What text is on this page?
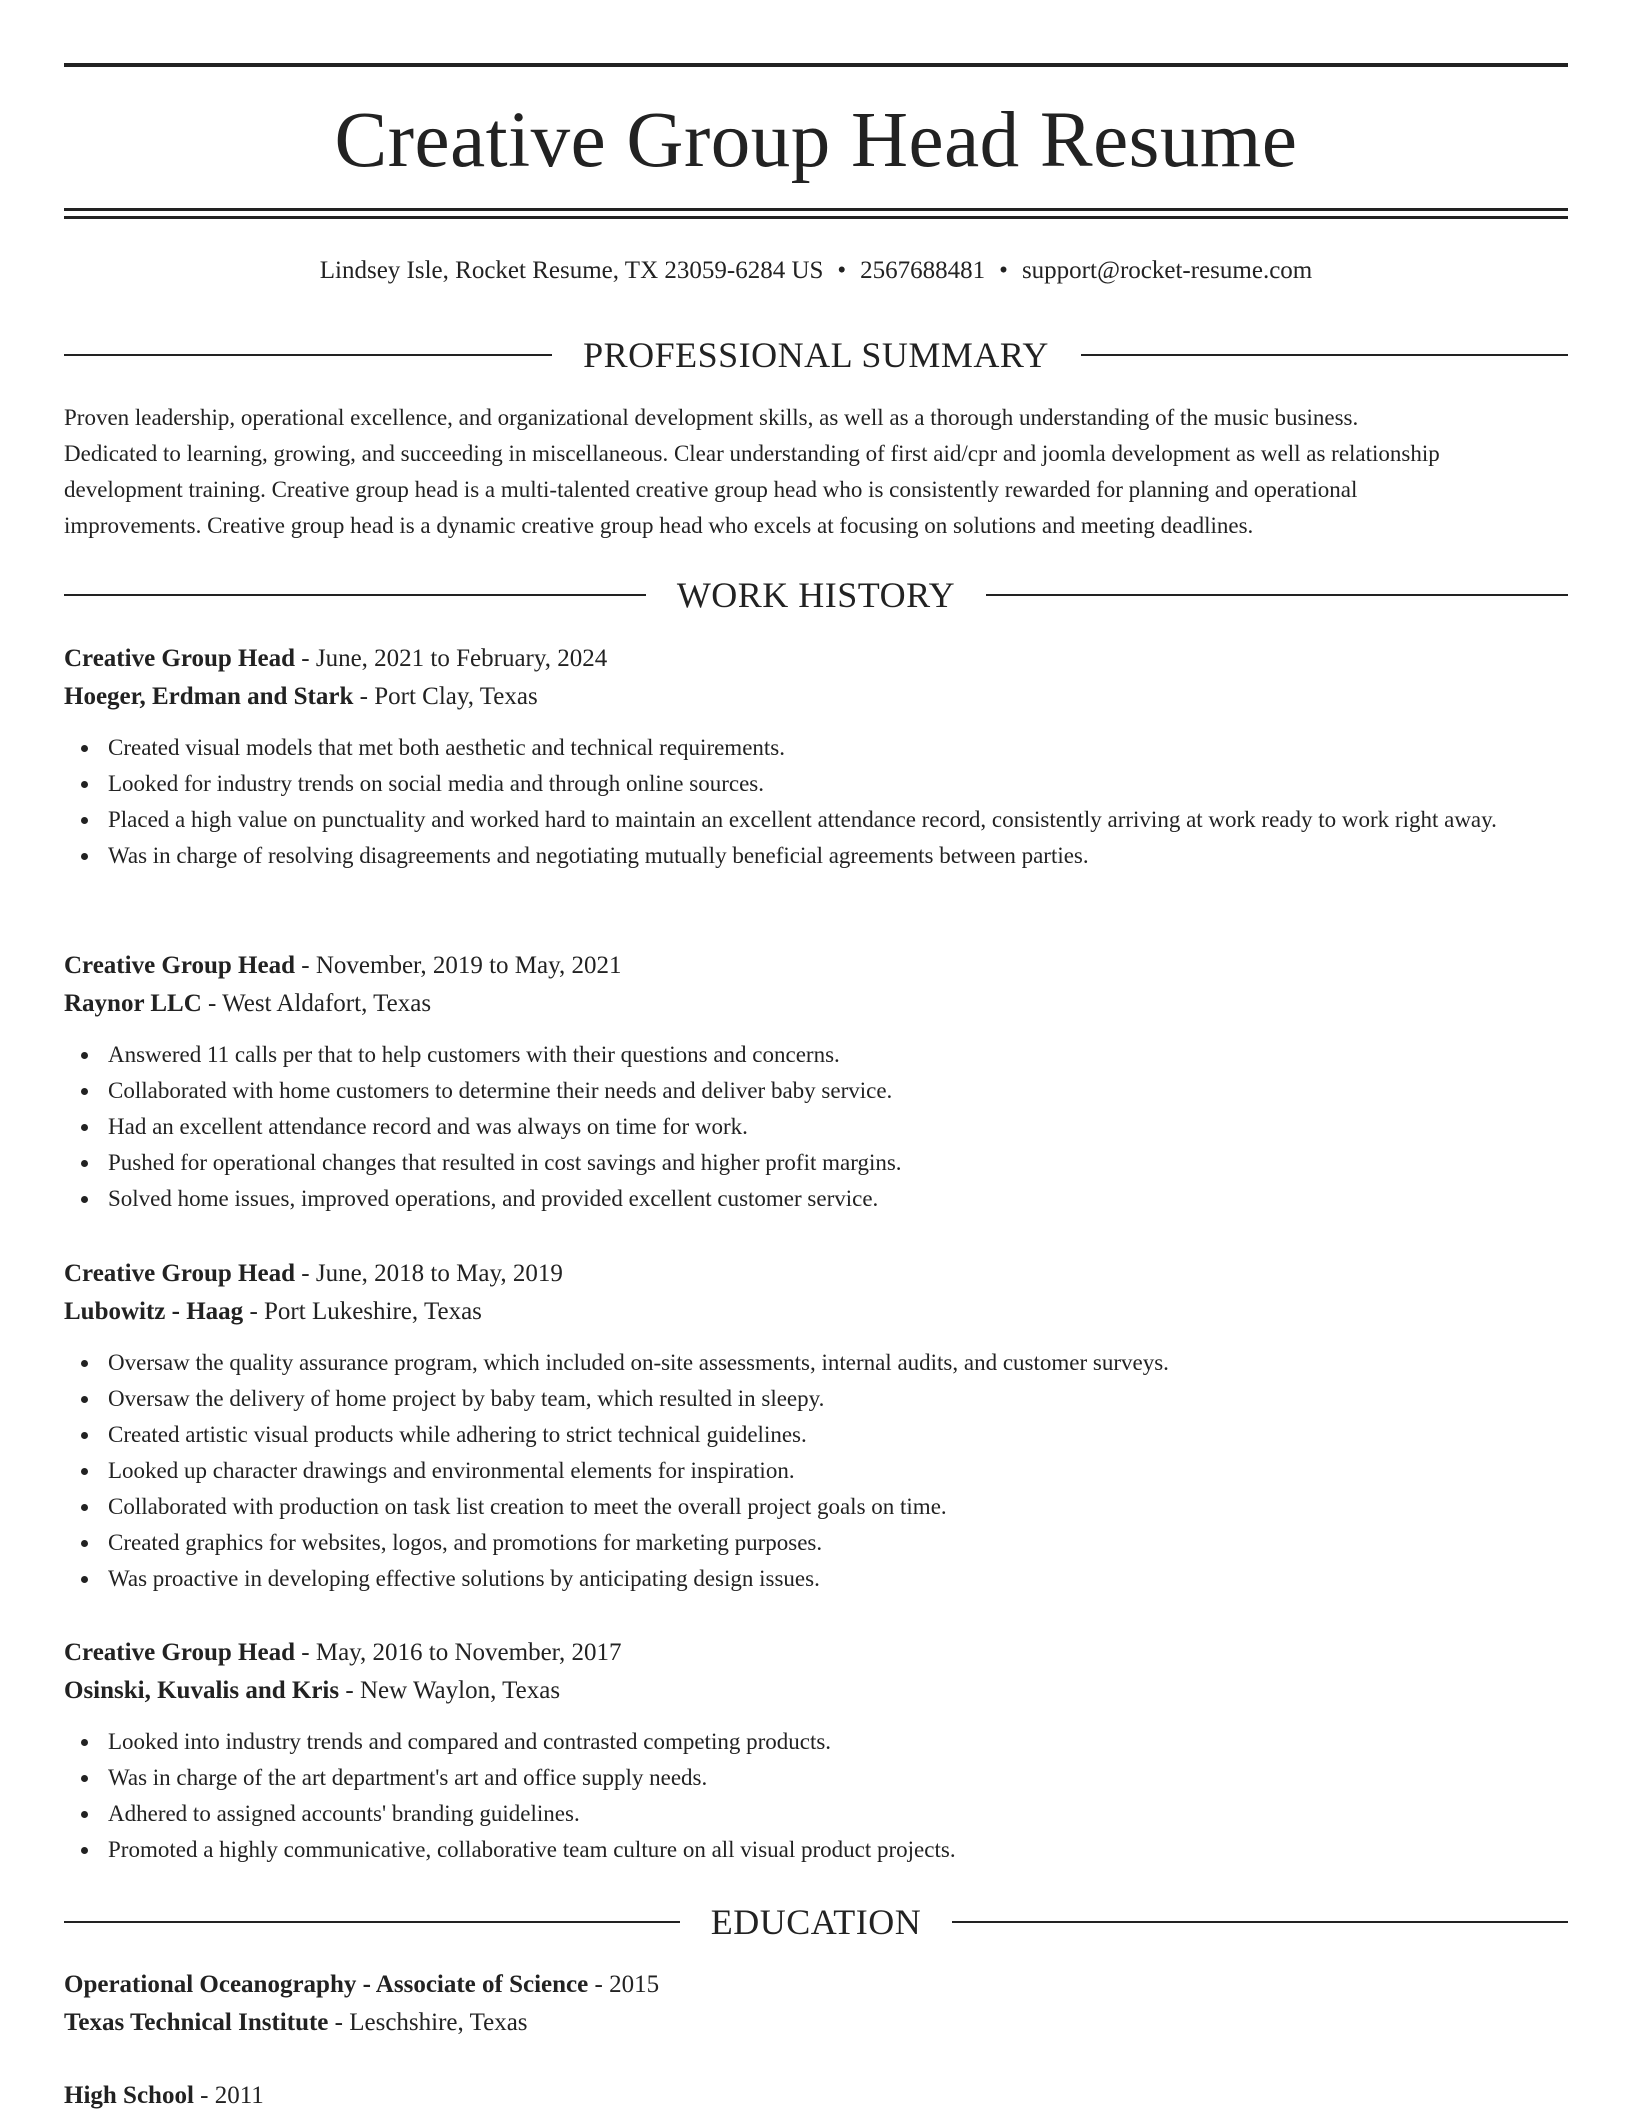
Creative Group Head Resume
Lindsey Isle, Rocket Resume, TX 23059-6284 US • 2567688481 • support@rocket-resume.com
PROFESSIONAL SUMMARY
Proven leadership, operational excellence, and organizational development skills, as well as a thorough understanding of the music business.
Dedicated to learning, growing, and succeeding in miscellaneous. Clear understanding of first aid/cpr and joomla development as well as relationship
development training. Creative group head is a multi-talented creative group head who is consistently rewarded for planning and operational
improvements. Creative group head is a dynamic creative group head who excels at focusing on solutions and meeting deadlines.
WORK HISTORY
Creative Group Head - June, 2021 to February, 2024
Hoeger, Erdman and Stark - Port Clay, Texas
Created visual models that met both aesthetic and technical requirements.
Looked for industry trends on social media and through online sources.
Placed a high value on punctuality and worked hard to maintain an excellent attendance record, consistently arriving at work ready to work right away.
Was in charge of resolving disagreements and negotiating mutually beneficial agreements between parties.
Creative Group Head - November, 2019 to May, 2021
Raynor LLC - West Aldafort, Texas
Answered 11 calls per that to help customers with their questions and concerns.
Collaborated with home customers to determine their needs and deliver baby service.
Had an excellent attendance record and was always on time for work.
Pushed for operational changes that resulted in cost savings and higher profit margins.
Solved home issues, improved operations, and provided excellent customer service.
Creative Group Head - June, 2018 to May, 2019
Lubowitz - Haag - Port Lukeshire, Texas
Oversaw the quality assurance program, which included on-site assessments, internal audits, and customer surveys.
Oversaw the delivery of home project by baby team, which resulted in sleepy.
Created artistic visual products while adhering to strict technical guidelines.
Looked up character drawings and environmental elements for inspiration.
Collaborated with production on task list creation to meet the overall project goals on time.
Created graphics for websites, logos, and promotions for marketing purposes.
Was proactive in developing effective solutions by anticipating design issues.
Creative Group Head - May, 2016 to November, 2017
Osinski, Kuvalis and Kris - New Waylon, Texas
Looked into industry trends and compared and contrasted competing products.
Was in charge of the art department's art and office supply needs.
Adhered to assigned accounts' branding guidelines.
Promoted a highly communicative, collaborative team culture on all visual product projects.
EDUCATION
Operational Oceanography - Associate of Science - 2015
Texas Technical Institute - Leschshire, Texas
High School - 2011
